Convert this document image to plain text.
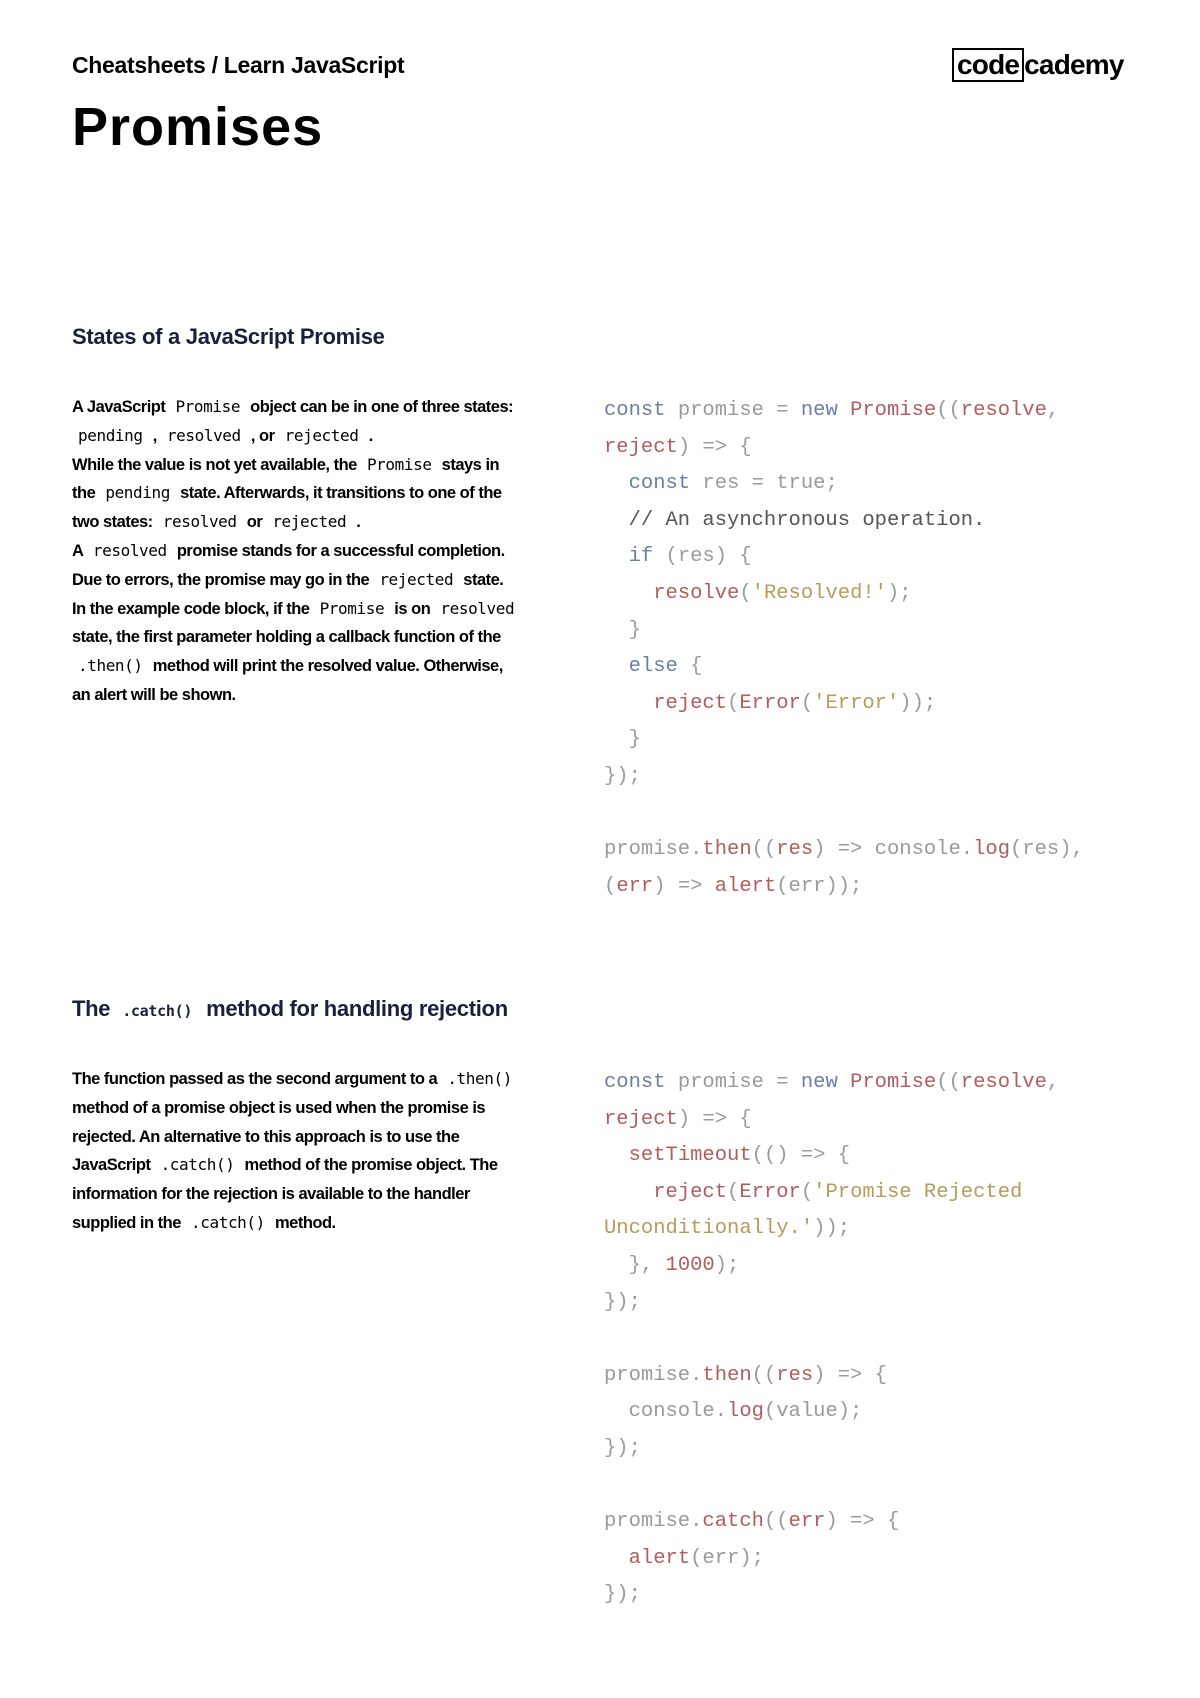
Cheatsheets / Learn JavaScript	code cademy
Promises
States of a JavaScript Promise

A JavaScript Promise object can be in one of three states: pending , resolved , or rejected .

While the value is not yet available, the Promise stays in the pending state. Afterwards, it transitions to one of the two states: resolved or rejected .

A resolved promise stands for a successful completion. Due to errors, the promise may go in the rejected state.

In the example code block, if the Promise is on resolved state, the first parameter holding a callback function of the .then() method will print the resolved value. Otherwise, an alert will be shown.

const promise = new Promise((resolve,
reject) => {
const res = true;
// An asynchronous operation.
if (res) {
resolve('Resolved!');
}
else {
reject(Error('Error'));
}
});

promise.then((res) => console.log(res),
(err) => alert(err));
The .catch() method for handling rejection

The function passed as the second argument to a .then() method of a promise object is used when the promise is rejected. An alternative to this approach is to use the JavaScript .catch() method of the promise object. The information for the rejection is available to the handler supplied in the .catch() method.

const promise = new Promise((resolve,
reject) => {
setTimeout(() => {
reject(Error('Promise Rejected
Unconditionally.'));
}, 1000);
});

promise.then((res) => {
console.log(value);
});

promise.catch((err) => {
alert(err);
});
